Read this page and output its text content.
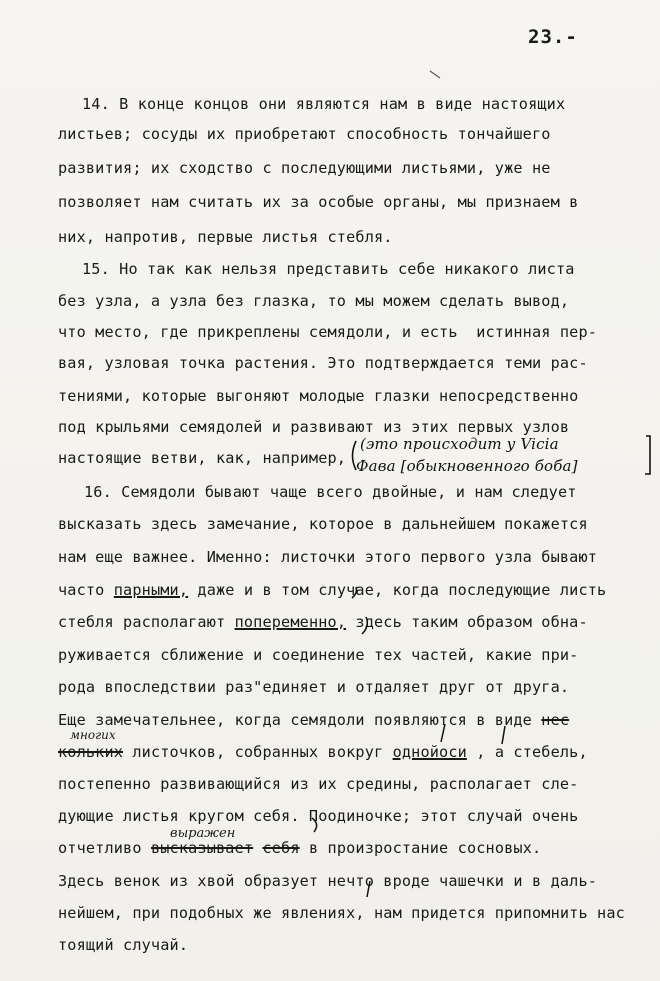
23.-
14. В конце концов они являются нам в виде настоящих
листьев; сосуды их приобретают способность тончайшего
развития; их сходство с последующими листьями, уже не
позволяет нам считать их за особые органы, мы признаем в
них, напротив, первые листья стебля.
15. Но так как нельзя представить себе никакого листа
без узла, а узла без глазка, то мы можем сделать вывод,
что место, где прикреплены семядоли, и есть  истинная пер-
вая, узловая точка растения. Это подтверждается теми рас-
тениями, которые выгоняют молодые глазки непосредственно
под крыльями семядолей и развивают из этих первых узлов
настоящие ветви, как, например,
(это происходит у Vicia
Фава [обыкновенного боба]
16. Семядоли бывают чаще всего двойные, и нам следует
высказать здесь замечание, которое в дальнейшем покажется
нам еще важнее. Именно: листочки этого первого узла бывают
часто парными, даже и в том случае, когда последующие листь
стебля располагают попеременно, здесь таким образом обна-
руживается сближение и соединение тех частей, какие при-
рода впоследствии раз"единяет и отдаляет друг от друга.
Еще замечательнее, когда семядоли появляются в виде нес
многих
кольких листочков, собранных вокруг однойоси , а стебель,
постепенно развивающийся из их средины, располагает сле-
дующие листья кругом себя. Поодиночке; этот случай очень
выражен
отчетливо высказывает себя в произростание сосновых.
Здесь венок из хвой образует нечто вроде чашечки и в даль-
нейшем, при подобных же явлениях, нам придется припомнить нас
тоящий случай.
